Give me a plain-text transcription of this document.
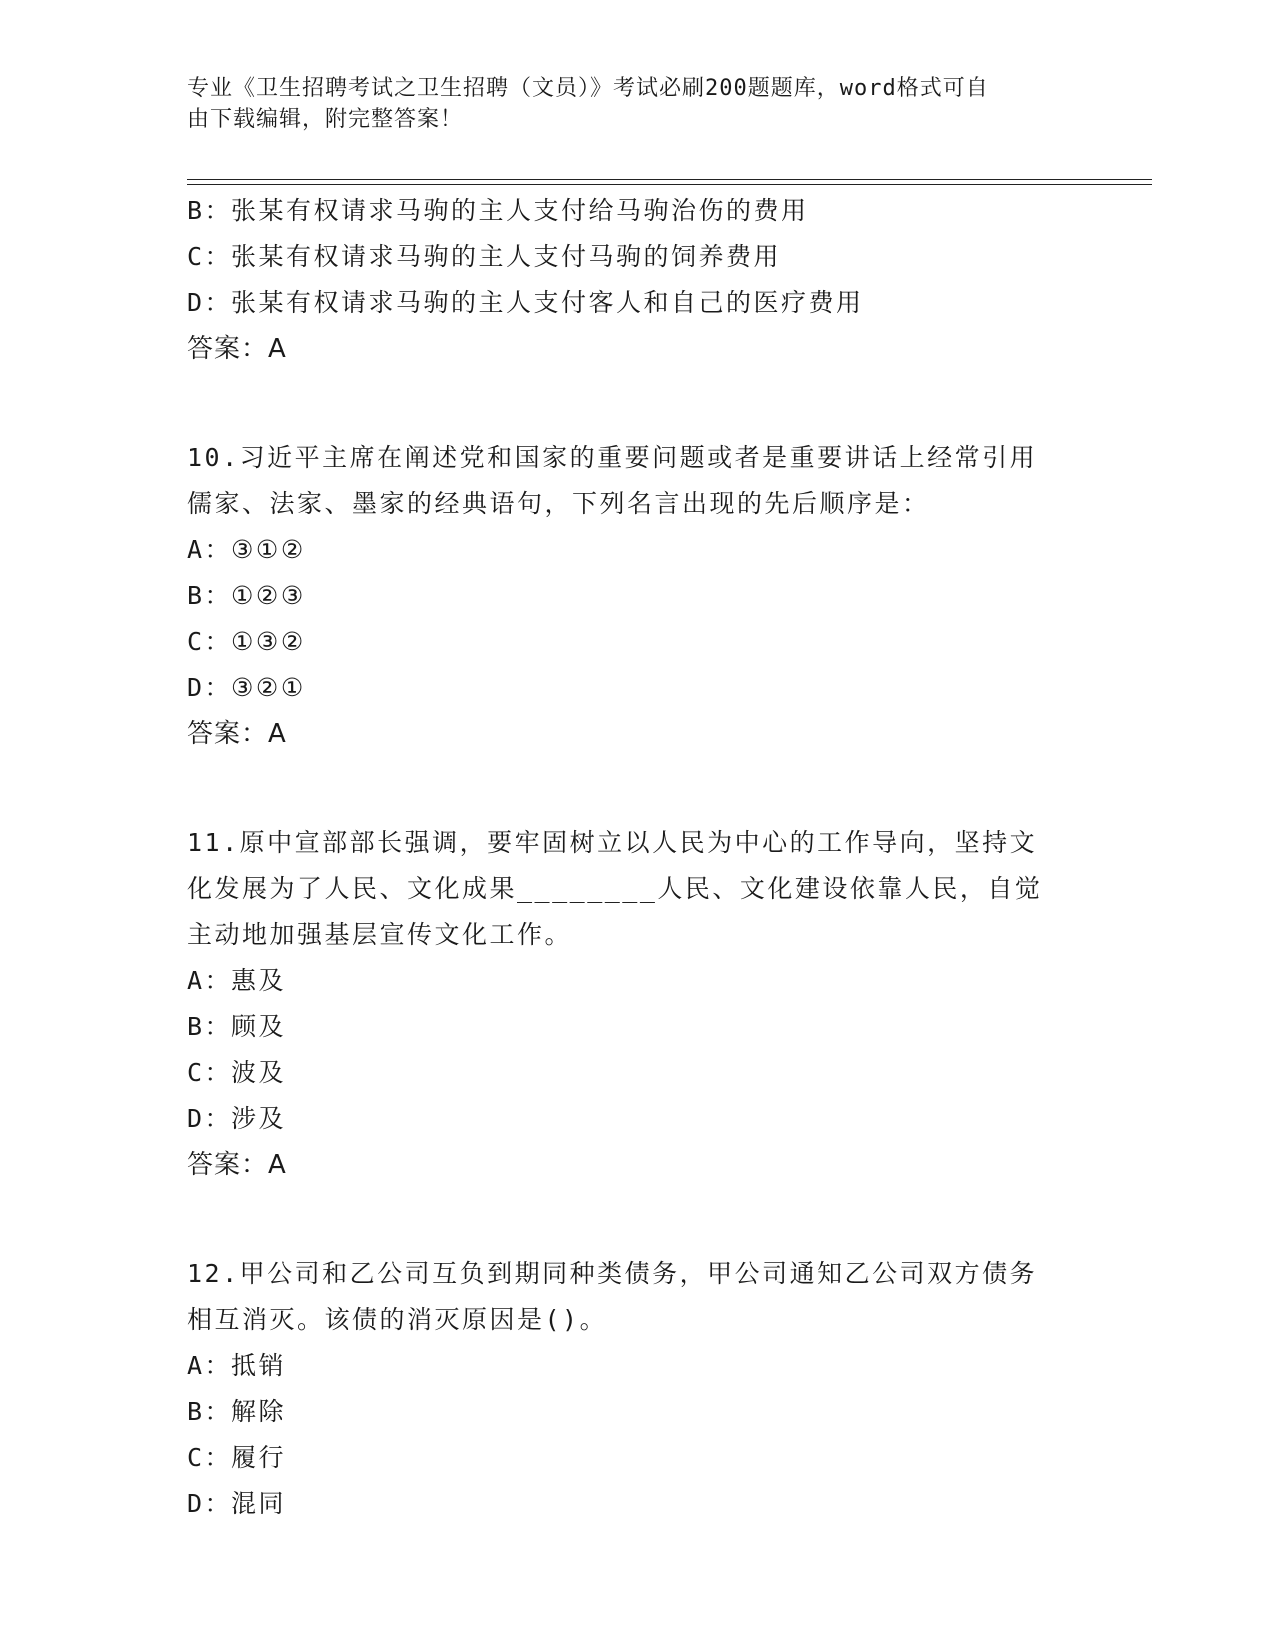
专业《卫生招聘考试之卫生招聘（文员）》考试必刷200题题库，word格式可自
由下载编辑，附完整答案！
B：张某有权请求马驹的主人支付给马驹治伤的费用
C：张某有权请求马驹的主人支付马驹的饲养费用
D：张某有权请求马驹的主人支付客人和自己的医疗费用
答案：A
10.习近平主席在阐述党和国家的重要问题或者是重要讲话上经常引用
儒家、法家、墨家的经典语句，下列名言出现的先后顺序是：
A：③①②
B：①②③
C：①③②
D：③②①
答案：A
11.原中宣部部长强调，要牢固树立以人民为中心的工作导向，坚持文
化发展为了人民、文化成果________人民、文化建设依靠人民，自觉
主动地加强基层宣传文化工作。
A：惠及
B：顾及
C：波及
D：涉及
答案：A
12.甲公司和乙公司互负到期同种类债务，甲公司通知乙公司双方债务
相互消灭。该债的消灭原因是()。
A：抵销
B：解除
C：履行
D：混同
